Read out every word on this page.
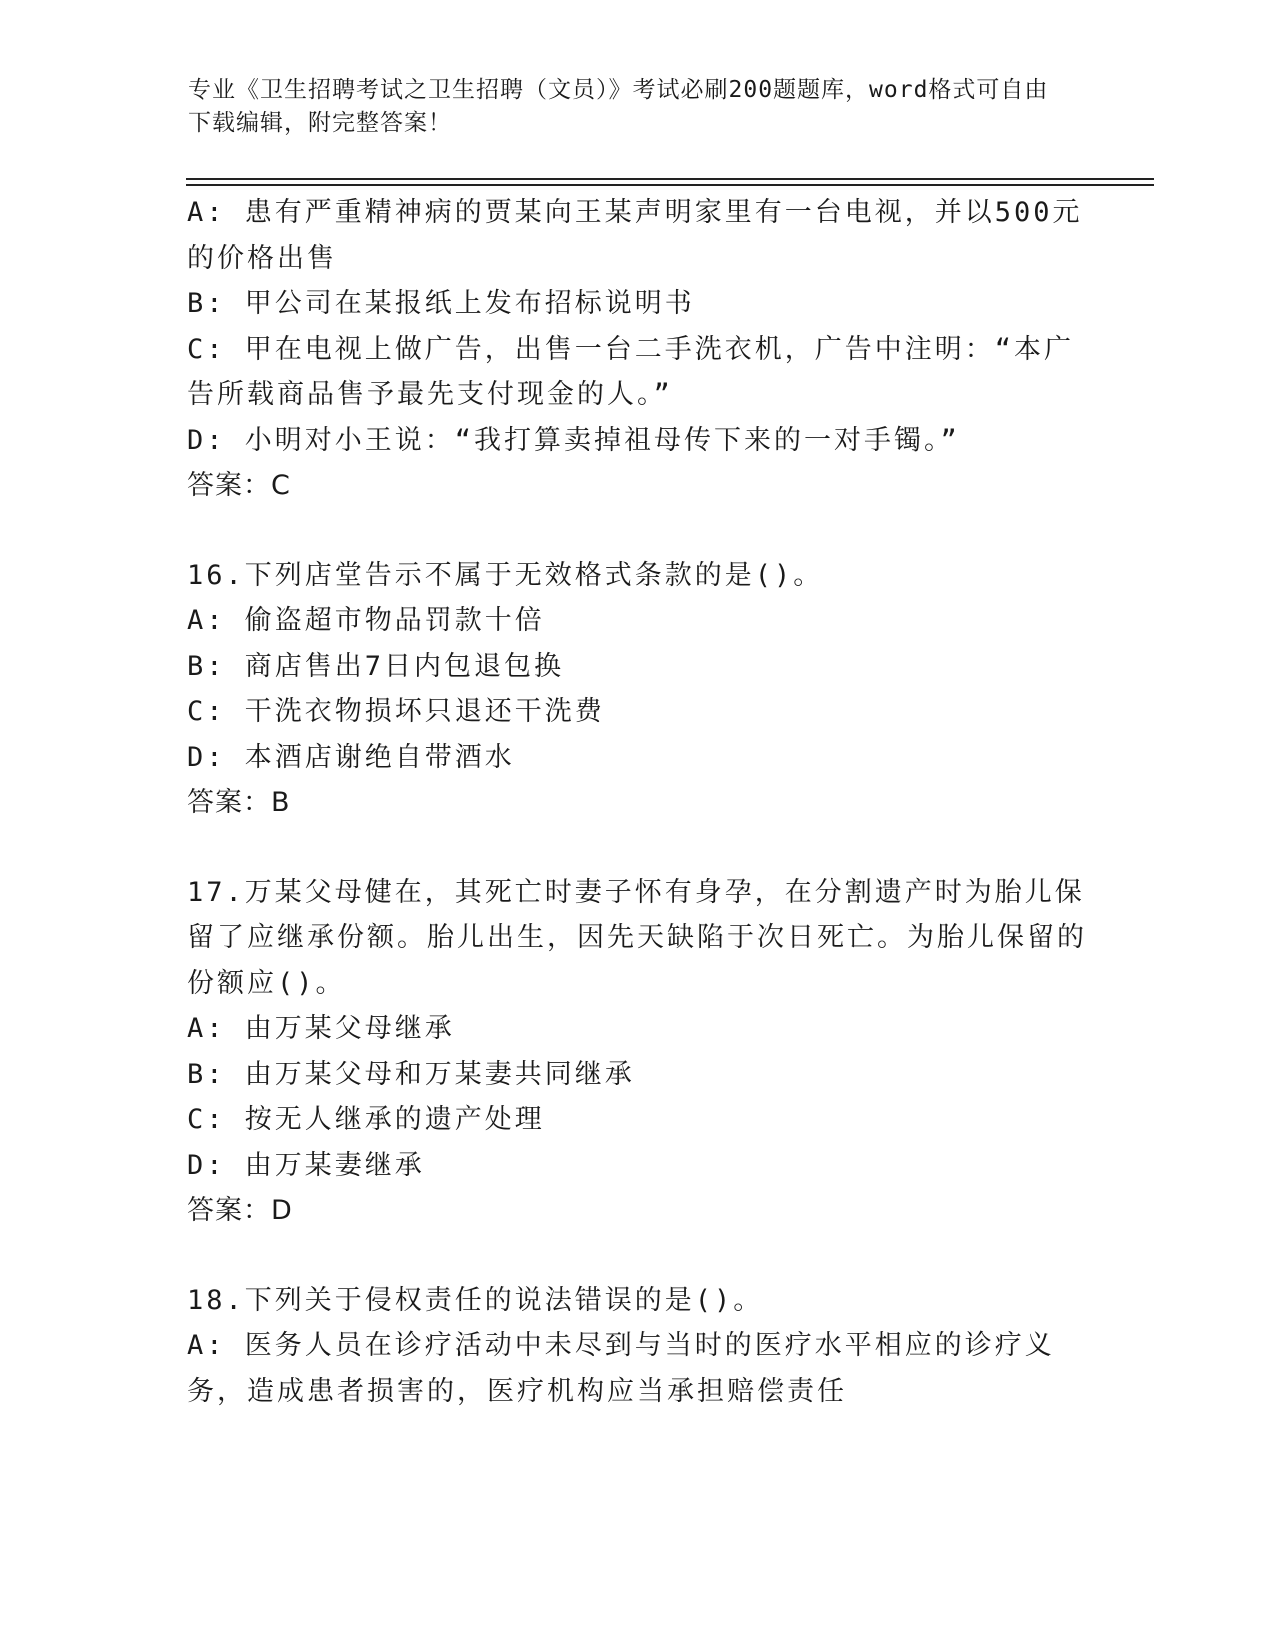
专业《卫生招聘考试之卫生招聘（文员）》考试必刷200题题库，word格式可自由下载编辑，附完整答案！
A: 患有严重精神病的贾某向王某声明家里有一台电视，并以500元的价格出售
B: 甲公司在某报纸上发布招标说明书
C: 甲在电视上做广告，出售一台二手洗衣机，广告中注明：“本广告所载商品售予最先支付现金的人。”
D: 小明对小王说：“我打算卖掉祖母传下来的一对手镯。”
答案：C
16.下列店堂告示不属于无效格式条款的是()。
A: 偷盗超市物品罚款十倍
B: 商店售出7日内包退包换
C: 干洗衣物损坏只退还干洗费
D: 本酒店谢绝自带酒水
答案：B
17.万某父母健在，其死亡时妻子怀有身孕，在分割遗产时为胎儿保留了应继承份额。胎儿出生，因先天缺陷于次日死亡。为胎儿保留的份额应()。
A: 由万某父母继承
B: 由万某父母和万某妻共同继承
C: 按无人继承的遗产处理
D: 由万某妻继承
答案：D
18.下列关于侵权责任的说法错误的是()。
A: 医务人员在诊疗活动中未尽到与当时的医疗水平相应的诊疗义务，造成患者损害的，医疗机构应当承担赔偿责任
